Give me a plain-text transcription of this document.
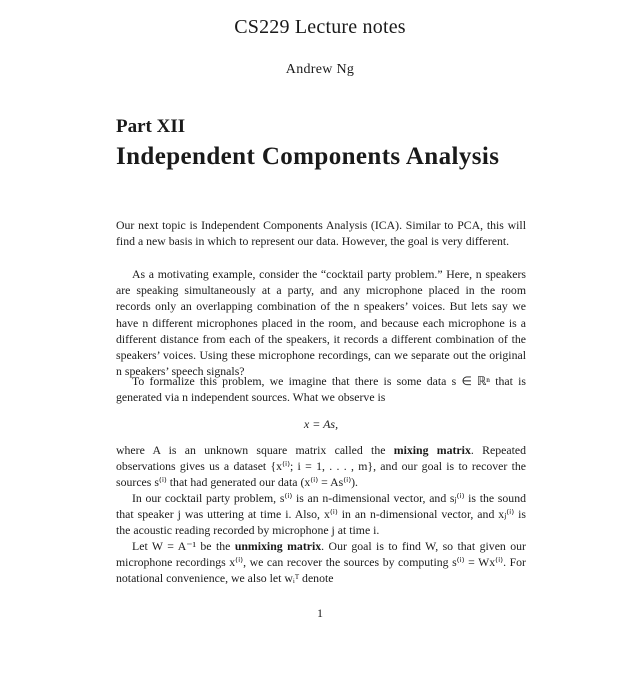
CS229 Lecture notes
Andrew Ng
Part XII
Independent Components Analysis
Our next topic is Independent Components Analysis (ICA). Similar to PCA, this will find a new basis in which to represent our data. However, the goal is very different.
As a motivating example, consider the “cocktail party problem.” Here, n speakers are speaking simultaneously at a party, and any microphone placed in the room records only an overlapping combination of the n speakers’ voices. But lets say we have n different microphones placed in the room, and because each microphone is a different distance from each of the speakers, it records a different combination of the speakers’ voices. Using these microphone recordings, can we separate out the original n speakers’ speech signals?
To formalize this problem, we imagine that there is some data s ∈ ℝⁿ that is generated via n independent sources. What we observe is
x = As,
where A is an unknown square matrix called the mixing matrix. Repeated observations gives us a dataset {x⁽ⁱ⁾; i = 1, . . . , m}, and our goal is to recover the sources s⁽ⁱ⁾ that had generated our data (x⁽ⁱ⁾ = As⁽ⁱ⁾).
In our cocktail party problem, s⁽ⁱ⁾ is an n-dimensional vector, and sⱼ⁽ⁱ⁾ is the sound that speaker j was uttering at time i. Also, x⁽ⁱ⁾ in an n-dimensional vector, and xⱼ⁽ⁱ⁾ is the acoustic reading recorded by microphone j at time i.
Let W = A⁻¹ be the unmixing matrix. Our goal is to find W, so that given our microphone recordings x⁽ⁱ⁾, we can recover the sources by computing s⁽ⁱ⁾ = Wx⁽ⁱ⁾. For notational convenience, we also let wᵢᵀ denote
1
